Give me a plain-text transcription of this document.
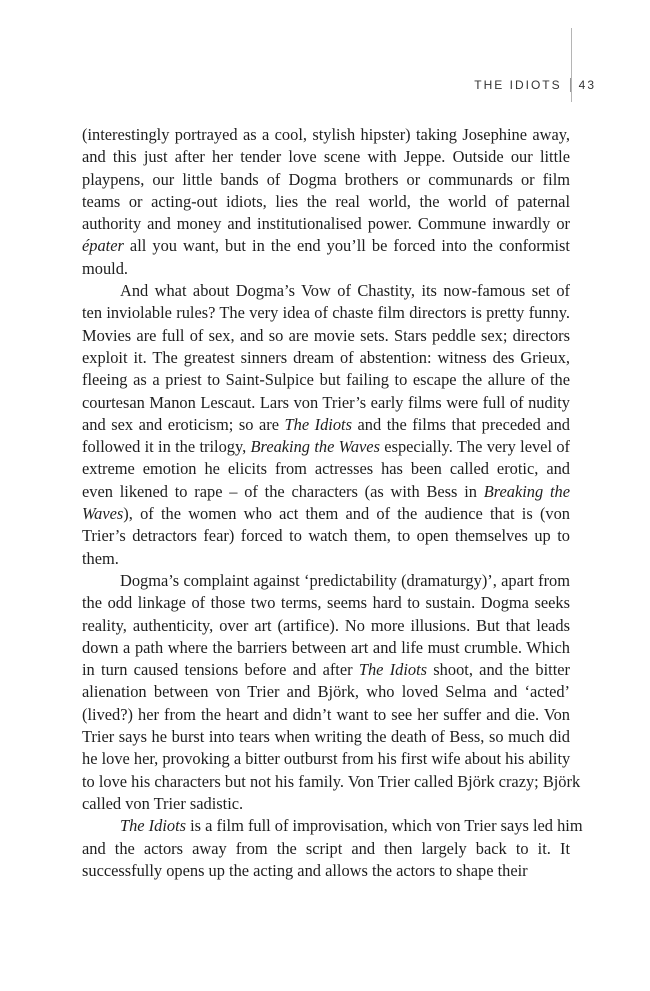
THE IDIOTS 43
(interestingly portrayed as a cool, stylish hipster) taking Josephine away,
and this just after her tender love scene with Jeppe. Outside our little
playpens, our little bands of Dogma brothers or communards or film
teams or acting-out idiots, lies the real world, the world of paternal
authority and money and institutionalised power. Commune inwardly or
épater all you want, but in the end you’ll be forced into the conformist
mould.
And what about Dogma’s Vow of Chastity, its now-famous set of
ten inviolable rules? The very idea of chaste film directors is pretty funny.
Movies are full of sex, and so are movie sets. Stars peddle sex; directors
exploit it. The greatest sinners dream of abstention: witness des Grieux,
fleeing as a priest to Saint-Sulpice but failing to escape the allure of the
courtesan Manon Lescaut. Lars von Trier’s early films were full of nudity
and sex and eroticism; so are The Idiots and the films that preceded and
followed it in the trilogy, Breaking the Waves especially. The very level of
extreme emotion he elicits from actresses has been called erotic, and
even likened to rape – of the characters (as with Bess in Breaking the
Waves), of the women who act them and of the audience that is (von
Trier’s detractors fear) forced to watch them, to open themselves up to
them.
Dogma’s complaint against ‘predictability (dramaturgy)’, apart from
the odd linkage of those two terms, seems hard to sustain. Dogma seeks
reality, authenticity, over art (artifice). No more illusions. But that leads
down a path where the barriers between art and life must crumble. Which
in turn caused tensions before and after The Idiots shoot, and the bitter
alienation between von Trier and Björk, who loved Selma and ‘acted’
(lived?) her from the heart and didn’t want to see her suffer and die. Von
Trier says he burst into tears when writing the death of Bess, so much did
he love her, provoking a bitter outburst from his first wife about his ability
to love his characters but not his family. Von Trier called Björk crazy; Björk
called von Trier sadistic.
The Idiots is a film full of improvisation, which von Trier says led him
and the actors away from the script and then largely back to it. It
successfully opens up the acting and allows the actors to shape their
